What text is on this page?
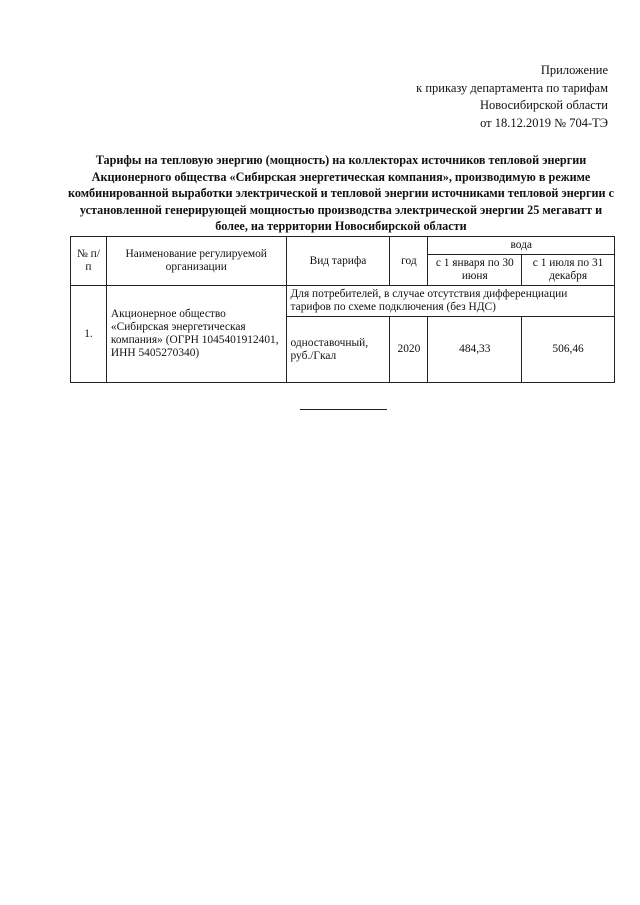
Приложение
к приказу департамента по тарифам
Новосибирской области
от 18.12.2019 № 704-ТЭ
Тарифы на тепловую энергию (мощность) на коллекторах источников тепловой энергии Акционерного общества «Сибирская энергетическая компания», производимую в режиме комбинированной выработки электрической и тепловой энергии источниками тепловой энергии с установленной генерирующей мощностью производства электрической энергии 25 мегаватт и более, на территории Новосибирской области
№ п/п	Наименование регулируемой организации	Вид тарифа	год	вода	
				с 1 января по 30 июня	с 1 июля по 31 декабря
1.	Акционерное общество «Сибирская энергетическая компания» (ОГРН 1045401912401, ИНН 5405270340)	Для потребителей, в случае отсутствия дифференциации тарифов по схеме подключения (без НДС)			
		одноставочный, руб./Гкал	2020	484,33	506,46
